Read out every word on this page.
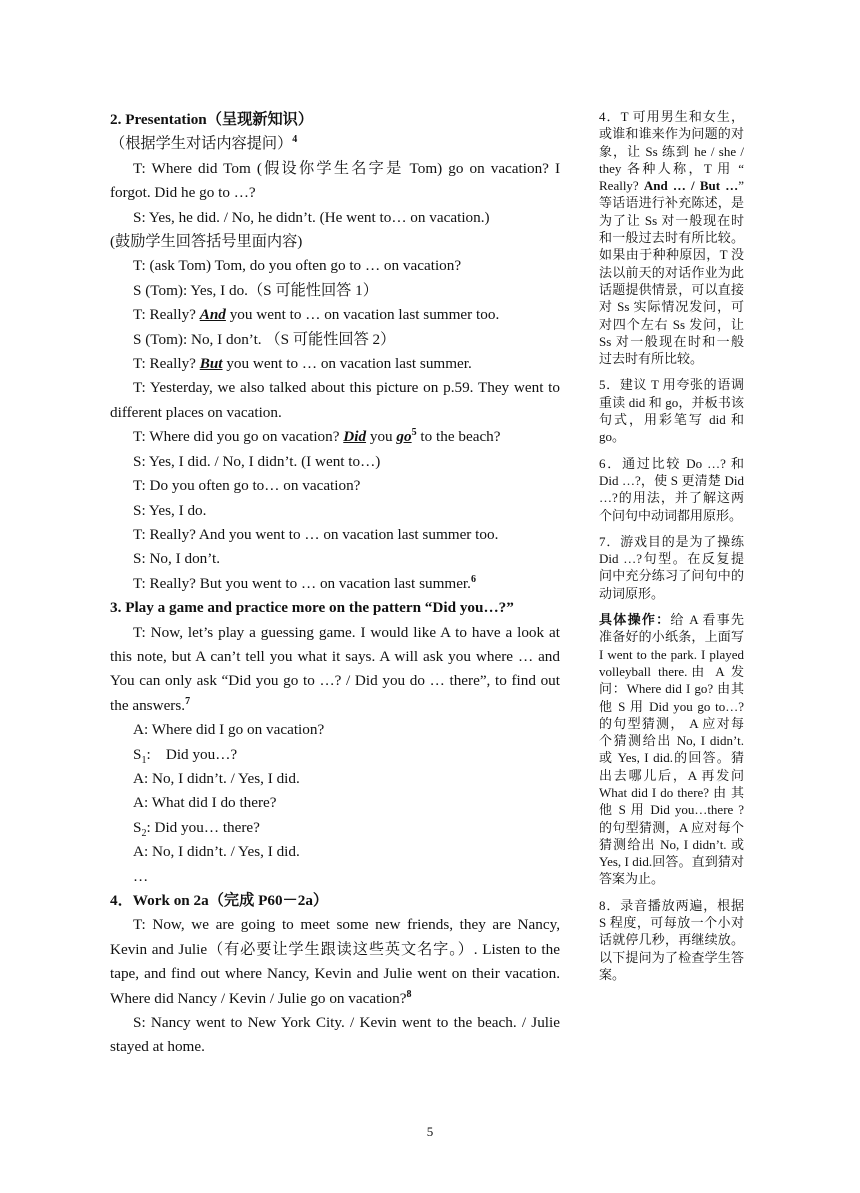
2. Presentation（呈现新知识）

（根据学生对话内容提问）$^4$

T: Where did Tom (假设你学生名字是 Tom) go on vacation? I forgot. Did he go to …?

S: Yes, he did. / No, he didn’t. (He went to… on vacation.)

(鼓励学生回答括号里面内容)

T: (ask Tom) Tom, do you often go to … on vacation?

S (Tom): Yes, I do.（S 可能性回答 1）

T: Really? And you went to … on vacation last summer too.

S (Tom): No, I don’t. （S 可能性回答 2）

T: Really? But you went to … on vacation last summer.

T: Yesterday, we also talked about this picture on p.59. They went to different places on vacation.

T: Where did you go on vacation? Did you $go^5$ to the beach?

S: Yes, I did. / No, I didn’t. (I went to…)

T: Do you often go to… on vacation?

S: Yes, I do.

T: Really? And you went to … on vacation last summer too.

S: No, I don’t.

T: Really? But you went to … on vacation last summer.$^6$

3. Play a game and practice more on the pattern “Did you…?”

T: Now, let’s play a guessing game. I would like A to have a look at this note, but A can’t tell you what it says. A will ask you where … and You can only ask “Did you go to …? / Did you do … there”, to find out the answers.$^7$

A: Where did I go on vacation?

$S_1$:    Did you…?

A: No, I didn’t. / Yes, I did.

A: What did I do there?

$S_2$: Did you… there?

A: No, I didn’t. / Yes, I did.

…

4．Work on 2a（完成 P60－2a）

T: Now, we are going to meet some new friends, they are Nancy, Kevin and Julie（有必要让学生跟读这些英文名字。）. Listen to the tape, and find out where Nancy, Kevin and Julie went on their vacation. Where did Nancy / Kevin / Julie go on vacation?$^8$

S: Nancy went to New York City. / Kevin went to the beach. / Julie stayed at home.

4．T 可用男生和女生，或谁和谁来作为问题的对象，让 Ss 练到 he / she / they 各种人称，T 用 “ Really? And … / But …” 等话语进行补充陈述，是为了让 Ss 对一般现在时和一般过去时有所比较。如果由于种种原因，T 没法以前天的对话作业为此话题提供情景，可以直接对 Ss 实际情况发问，可对四个左右 Ss 发问，让 Ss 对一般现在时和一般过去时有所比较。

5．建议 T 用夸张的语调重读 did 和 go，并板书该句式，用彩笔写 did 和 go。

6．通过比较 Do …? 和 Did …?，使 S 更清楚 Did …?的用法，并了解这两个问句中动词都用原形。

7．游戏目的是为了操练 Did …?句型。在反复提问中充分练习了问句中的动词原形。

具体操作：给 A 看事先准备好的小纸条，上面写 I went to the park. I played volleyball there.由 A 发问：Where did I go? 由其他 S 用 Did you go to…?的句型猜测， A 应对每个猜测给出 No, I didn’t. 或 Yes, I did.的回答。猜出去哪儿后，A 再发问 What did I do there? 由 其 他 S 用 Did you…there ?的句型猜测，A 应对每个猜测给出 No, I didn’t. 或 Yes, I did.回答。直到猜对答案为止。

8．录音播放两遍，根据 S 程度，可每放一个小对话就停几秒，再继续放。以下提问为了检查学生答案。

5
